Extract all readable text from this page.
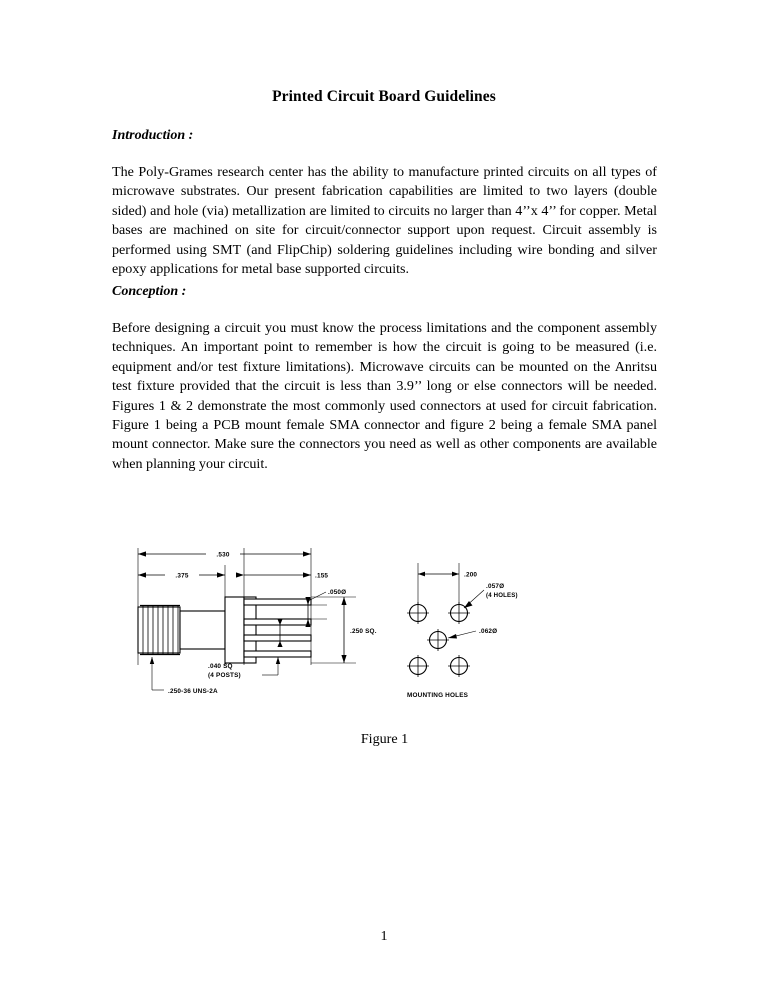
Printed Circuit Board Guidelines
Introduction :
The Poly-Grames research center has the ability to manufacture printed circuits on all types of microwave substrates. Our present fabrication capabilities are limited to two layers (double sided) and hole (via) metallization are limited to circuits no larger than 4’’x 4’’ for copper. Metal bases are machined on site for circuit/connector support upon request. Circuit assembly is performed using SMT (and FlipChip) soldering guidelines including wire bonding and silver epoxy applications for metal base supported circuits.
Conception :
Before designing a circuit you must know the process limitations and the component assembly techniques. An important point to remember is how the circuit is going to be measured (i.e. equipment and/or test fixture limitations). Microwave circuits can be mounted on the Anritsu test fixture provided that the circuit is less than 3.9’’ long or else connectors will be needed. Figures 1 & 2 demonstrate the most commonly used connectors at used for circuit fabrication. Figure 1 being a PCB mount female SMA connector and figure 2 being a female SMA panel mount connector. Make sure the connectors you need as well as other components are available when planning your circuit.
.530
.375	.155
.250 SQ.
.050Ø
.040 SQ
(4 POSTS)
.250-36 UNS-2A
.200
.057Ø
(4 HOLES)
.062Ø
MOUNTING HOLES
Figure 1
1
